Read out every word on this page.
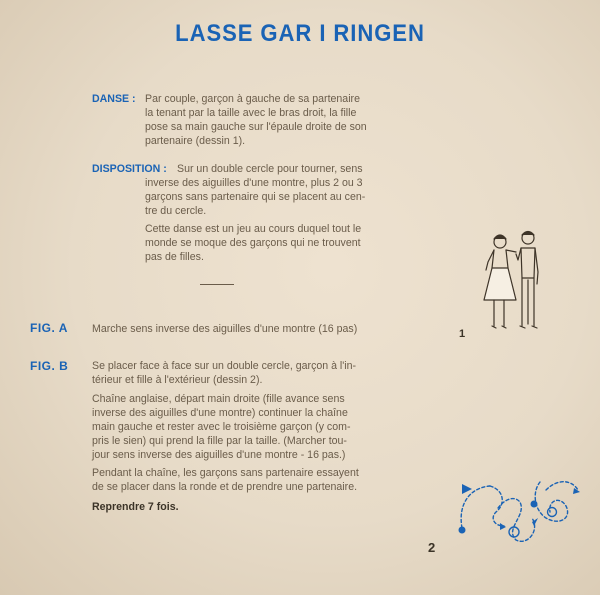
LASSE GAR I RINGEN
DANSE : Par couple, garçon à gauche de sa partenaire

la tenant par la taille avec le bras droit, la fille

pose sa main gauche sur l'épaule droite de son

partenaire (dessin 1).

DISPOSITION : Sur un double cercle pour tourner, sens

inverse des aiguilles d'une montre, plus 2 ou 3

garçons sans partenaire qui se placent au cen-

tre du cercle.

Cette danse est un jeu au cours duquel tout le

monde se moque des garçons qui ne trouvent

pas de filles.

FIG. A Marche sens inverse des aiguilles d'une montre (16 pas)
FIG. B Se placer face à face sur un double cercle, garçon à l'in-

térieur et fille à l'extérieur (dessin 2).

Chaîne anglaise, départ main droite (fille avance sens

inverse des aiguilles d'une montre) continuer la chaîne

main gauche et rester avec le troisième garçon (y com-

pris le sien) qui prend la fille par la taille. (Marcher tou-

jour sens inverse des aiguilles d'une montre - 16 pas.)

Pendant la chaîne, les garçons sans partenaire essayent

de se placer dans la ronde et de prendre une partenaire.

Reprendre 7 fois.
1
2
